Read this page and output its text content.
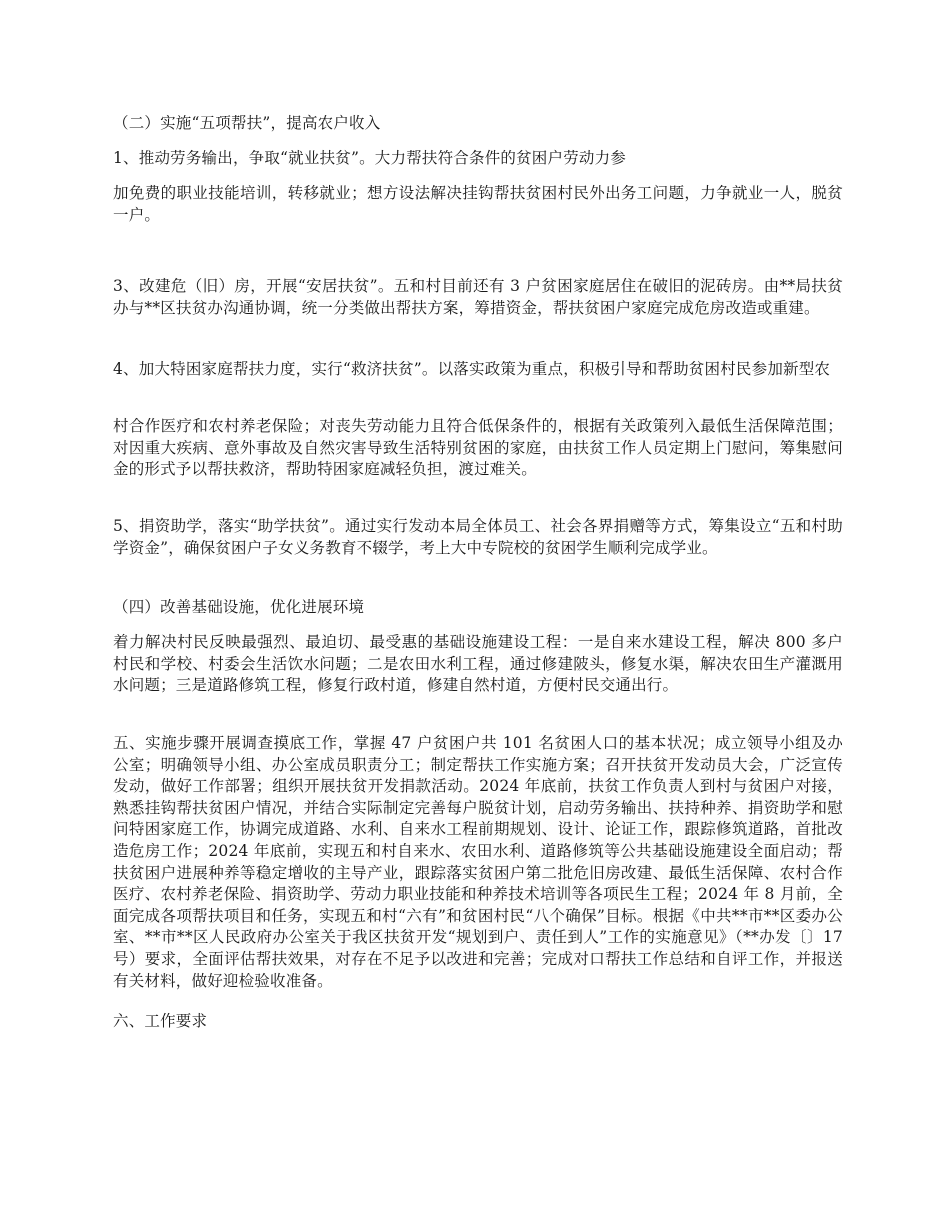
（二）实施“五项帮扶”，提高农户收入

1、推动劳务输出，争取“就业扶贫”。大力帮扶符合条件的贫困户劳动力参

加免费的职业技能培训，转移就业；想方设法解决挂钩帮扶贫困村民外出务工问题，力争就业一人，脱贫一户。

3、改建危（旧）房，开展“安居扶贫”。五和村目前还有 3 户贫困家庭居住在破旧的泥砖房。由**局扶贫办与**区扶贫办沟通协调，统一分类做出帮扶方案，筹措资金，帮扶贫困户家庭完成危房改造或重建。

4、加大特困家庭帮扶力度，实行“救济扶贫”。以落实政策为重点，积极引导和帮助贫困村民参加新型农

村合作医疗和农村养老保险；对丧失劳动能力且符合低保条件的，根据有关政策列入最低生活保障范围；对因重大疾病、意外事故及自然灾害导致生活特别贫困的家庭，由扶贫工作人员定期上门慰问，筹集慰问金的形式予以帮扶救济，帮助特困家庭减轻负担，渡过难关。

5、捐资助学，落实“助学扶贫”。通过实行发动本局全体员工、社会各界捐赠等方式，筹集设立“五和村助学资金”，确保贫困户子女义务教育不辍学，考上大中专院校的贫困学生顺利完成学业。

（四）改善基础设施，优化进展环境

着力解决村民反映最强烈、最迫切、最受惠的基础设施建设工程：一是自来水建设工程，解决 800 多户村民和学校、村委会生活饮水问题；二是农田水利工程，通过修建陂头，修复水渠，解决农田生产灌溉用水问题；三是道路修筑工程，修复行政村道，修建自然村道，方便村民交通出行。

五、实施步骤开展调查摸底工作，掌握 47 户贫困户共 101 名贫困人口的基本状况；成立领导小组及办公室；明确领导小组、办公室成员职责分工；制定帮扶工作实施方案；召开扶贫开发动员大会，广泛宣传发动，做好工作部署；组织开展扶贫开发捐款活动。2024 年底前，扶贫工作负责人到村与贫困户对接，熟悉挂钩帮扶贫困户情况，并结合实际制定完善每户脱贫计划，启动劳务输出、扶持种养、捐资助学和慰问特困家庭工作，协调完成道路、水利、自来水工程前期规划、设计、论证工作，跟踪修筑道路，首批改造危房工作；2024 年底前，实现五和村自来水、农田水利、道路修筑等公共基础设施建设全面启动；帮扶贫困户进展种养等稳定增收的主导产业，跟踪落实贫困户第二批危旧房改建、最低生活保障、农村合作医疗、农村养老保险、捐资助学、劳动力职业技能和种养技术培训等各项民生工程；2024 年 8 月前，全面完成各项帮扶项目和任务，实现五和村“六有”和贫困村民“八个确保”目标。根据《中共**市**区委办公室、**市**区人民政府办公室关于我区扶贫开发“规划到户、责任到人”工作的实施意见》（**办发〔〕17 号）要求，全面评估帮扶效果，对存在不足予以改进和完善；完成对口帮扶工作总结和自评工作，并报送有关材料，做好迎检验收准备。

六、工作要求
